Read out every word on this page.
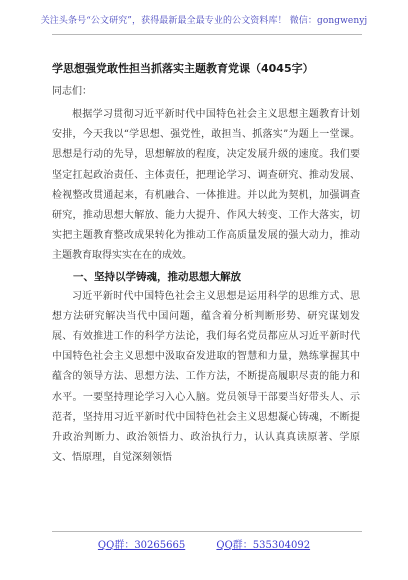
关注头条号“公文研究”，获得最新最全最专业的公文资料库！ 微信：gongwenyj
学思想强党敢性担当抓落实主题教育党课（4045字）
同志们：

根据学习贯彻习近平新时代中国特色社会主义思想主题教育计划安排，今天我以“学思想、强党性，敢担当、抓落实”为题上一堂课。思想是行动的先导，思想解放的程度，决定发展升级的速度。我们要坚定扛起政治责任、主体责任，把理论学习、调查研究、推动发展、检视整改贯通起来，有机融合、一体推进。并以此为契机，加强调查研究，推动思想大解放、能力大提升、作风大转变、工作大落实，切实把主题教育整改成果转化为推动工作高质量发展的强大动力，推动主题教育取得实实在在的成效。

一、坚持以学铸魂，推动思想大解放

习近平新时代中国特色社会主义思想是运用科学的思维方式、思想方法研究解决当代中国问题，蕴含着分析判断形势、研究谋划发展、有效推进工作的科学方法论，我们每名党员都应从习近平新时代中国特色社会主义思想中汲取奋发进取的智慧和力量，熟练掌握其中蕴含的领导方法、思想方法、工作方法，不断提高履职尽责的能力和水平。一要坚持理论学习入心入脑。党员领导干部要当好带头人、示范者，坚持用习近平新时代中国特色社会主义思想凝心铸魂，不断提升政治判断力、政治领悟力、政治执行力，认认真真读原著、学原文、悟原理，自觉深刻领悟

QQ群：30265665	QQ群：535304092
